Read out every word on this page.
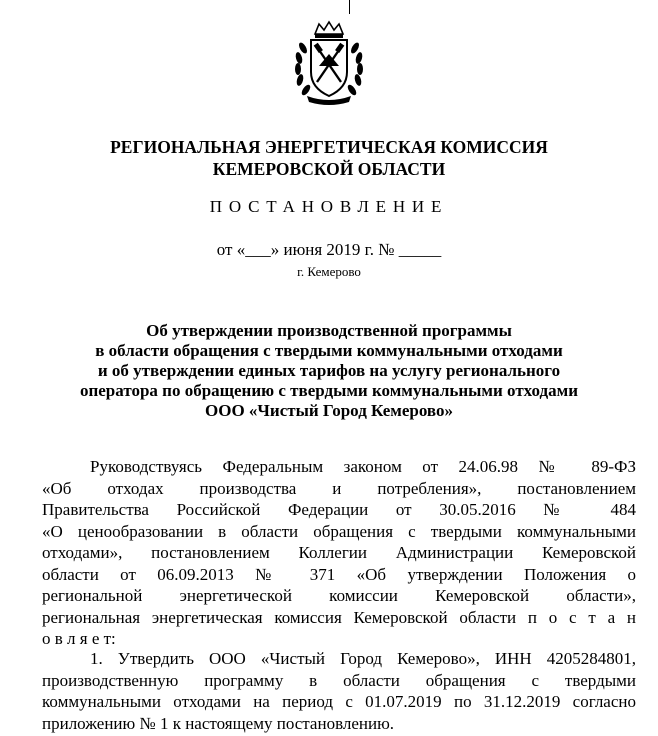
РЕГИОНАЛЬНАЯ ЭНЕРГЕТИЧЕСКАЯ КОМИССИЯ
КЕМЕРОВСКОЙ ОБЛАСТИ
ПОСТАНОВЛЕНИЕ
от «___» июня 2019 г. № _____
г. Кемерово
Об утверждении производственной программы
в области обращения с твердыми коммунальными отходами
и об утверждении единых тарифов на услугу регионального
оператора по обращению с твердыми коммунальными отходами
ООО «Чистый Город Кемерово»
Руководствуясь Федеральным законом от 24.06.98 № 89-ФЗ
«Об отходах производства и потребления», постановлением
Правительства Российской Федерации от 30.05.2016 № 484
«О ценообразовании в области обращения с твердыми коммунальными
отходами», постановлением Коллегии Администрации Кемеровской
области от 06.09.2013 № 371 «Об утверждении Положения о
региональной энергетической комиссии Кемеровской области»,
региональная энергетическая комиссия Кемеровской области п о с т а н
о в л я е т:
1. Утвердить ООО «Чистый Город Кемерово», ИНН 4205284801,
производственную программу в области обращения с твердыми
коммунальными отходами на период с 01.07.2019 по 31.12.2019 согласно
приложению № 1 к настоящему постановлению.
